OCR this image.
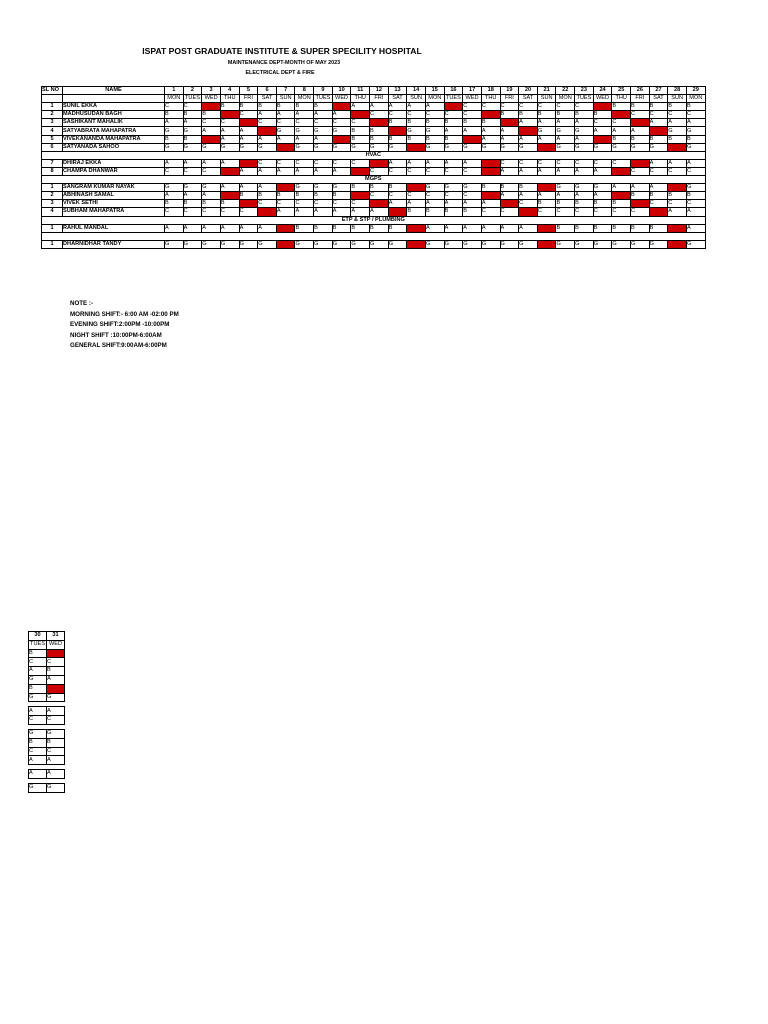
ISPAT POST GRADUATE INSTITUTE & SUPER SPECILITY HOSPITAL
MAINTENANCE DEPT-MONTH OF MAY 2023
ELECTRICAL DEPT & FIRE
SL NO	NAME	1	2	3	4	5	6	7	8	9	10	11	12	13	14	15	16	17	18	19	20	21	22	23	24	25	26	27	28	29
		MON	TUES	WED	THU	FRI	SAT	SUN	MON	TUES	WED	THU	FRI	SAT	SUN	MON	TUES	WED	THU	FRI	SAT	SUN	MON	TUES	WED	THU	FRI	SAT	SUN	MON
1	SUNIL EKKA	C	C	W/O	B	B	B	B	B	B	W/O	A	A	A	A	A	W/O	C	C	C	C	C	C	C	W/O	B	B	B	B	B
2	MADHUSUDAN BAGH	B	B	B	W/O	C	A	A	A	A	A	W/O	C	C	C	C	C	C	W/O	B	B	B	B	B	B	W/O	C	C	C	C
3	SASHIKANT MAHALIK	A	A	C	C	W/O	C	C	C	C	C	C	W/O	B	B	B	B	B	B	W/O	A	A	A	A	C	C	W/O	A	A	A
4	SATYABRATA MAHAPATRA	G	G	A	A	A	W/O	G	G	G	G	B	B	W/O	G	G	A	A	A	A	W/O	G	G	G	A	A	A	W/O	G	G
5	VIVEKANANDA MAHAPATRA	B	B	W/O	A	A	A	A	A	A	W/O	B	B	B	B	B	B	W/O	A	A	A	A	A	A	W/O	B	B	B	B	B
6	SATYANADA SAHOO	G	G	G	G	G	G	W/O	G	G	G	G	G	G	W/O	G	G	G	G	G	G	W/O	G	G	G	G	G	G	W/O	G
HVAC																														
7	DHIRAJ EKKA	A	A	A	A	W/O	C	C	C	C	C	C	W/O	A	A	A	A	A	W/O	C	C	C	C	C	C	C	W/O	A	A	A
8	CHAMPA DHANWAR	C	C	C	W/O	A	A	A	A	A	A	W/O	C	C	C	C	C	C	W/O	A	A	A	A	A	A	W/O	C	C	C	C
MGPS																														
1	SANGRAM KUMAR NAYAK	G	G	G	A	A	A	W/O	G	G	G	B	B	B	W/O	G	G	G	B	B	B	W/O	G	G	G	A	A	A	W/O	G
2	ABHINASH SAMAL	A	A	A	W/O	B	B	B	B	B	B	W/O	C	C	C	C	C	C	W/O	A	A	A	A	A	A	W/O	B	B	B	B
3	VIVEK SETHI	B	B	B	B	W/O	C	C	C	C	C	C	W/O	A	A	A	A	A	A	W/O	C	B	B	B	B	B	W/O	C	C	C
4	SUBHAM MAHAPATRA	C	C	C	C	C	W/O	A	A	A	A	A	A	W/O	B	B	B	B	C	C	W/O	C	C	C	C	C	C	W/O	A	A
ETP & STP / PLUMBING																														
1	RAHUL MANDAL	A	A	A	A	A	A	W/O	B	B	B	B	B	B	W/O	A	A	A	A	A	A	W/O	B	B	B	B	B	B	W/O	A

1	DHARNIDHAR TANDY	G	G	G	G	G	G	W/O	G	G	G	G	G	G	W/O	G	G	G	G	G	G	W/O	G	G	G	G	G	G	W/O	G
NOTE :-
MORNING SHIFT:- 6:00 AM -02:00 PM
EVENING SHIFT:2:00PM -10:00PM
NIGHT SHIFT :10:00PM-6:00AM
GENERAL SHIFT:9:00AM-6:00PM
30	31
TUES	WED
B	W/O
C	C
A	B
G	A
B	W/O
G	G

A	A
C	C

G	G
B	B
C	C
A	A

A	A

G	G
